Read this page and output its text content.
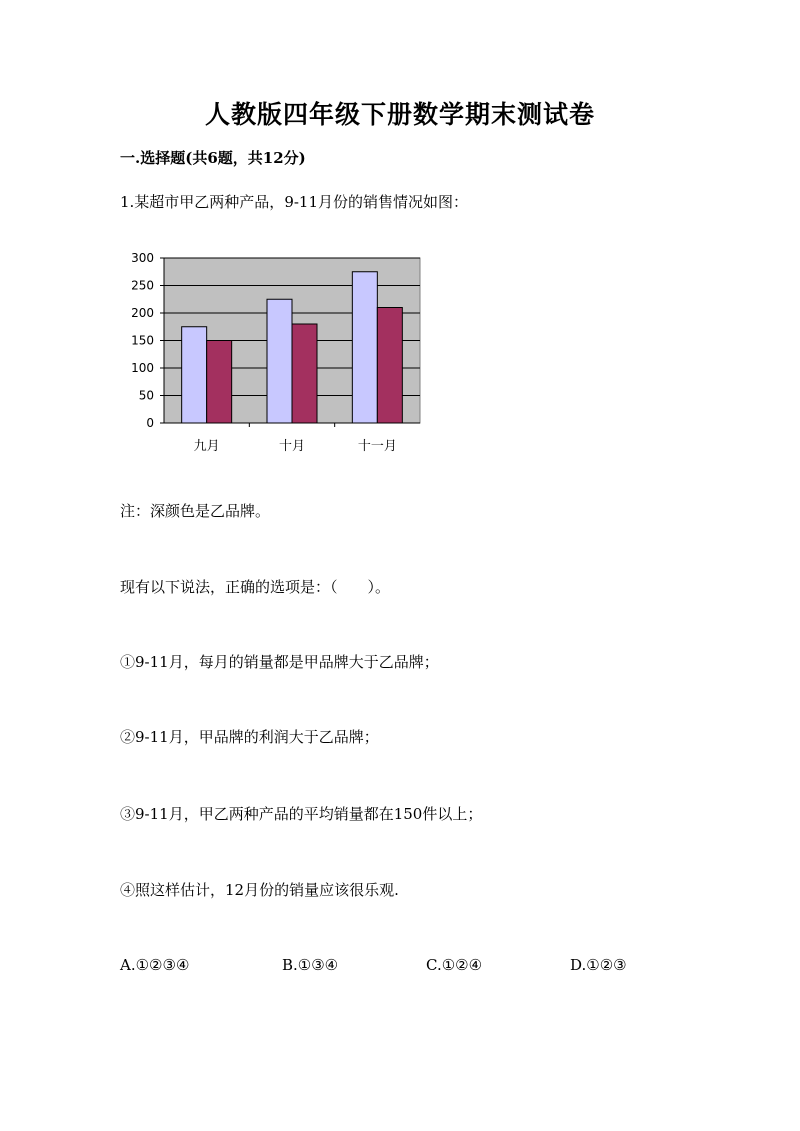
人教版四年级下册数学期末测试卷
一.选择题(共6题，共12分)
1.某超市甲乙两种产品，9-11月份的销售情况如图：
0
50
100
150
200
250
300
九月	十月	十一月
注：深颜色是乙品牌。
现有以下说法，正确的选项是：（　　）。
①9-11月，每月的销量都是甲品牌大于乙品牌；
②9-11月，甲品牌的利润大于乙品牌；
③9-11月，甲乙两种产品的平均销量都在150件以上；
④照这样估计，12月份的销量应该很乐观.
A.①②③④	B.①③④	C.①②④	D.①②③
